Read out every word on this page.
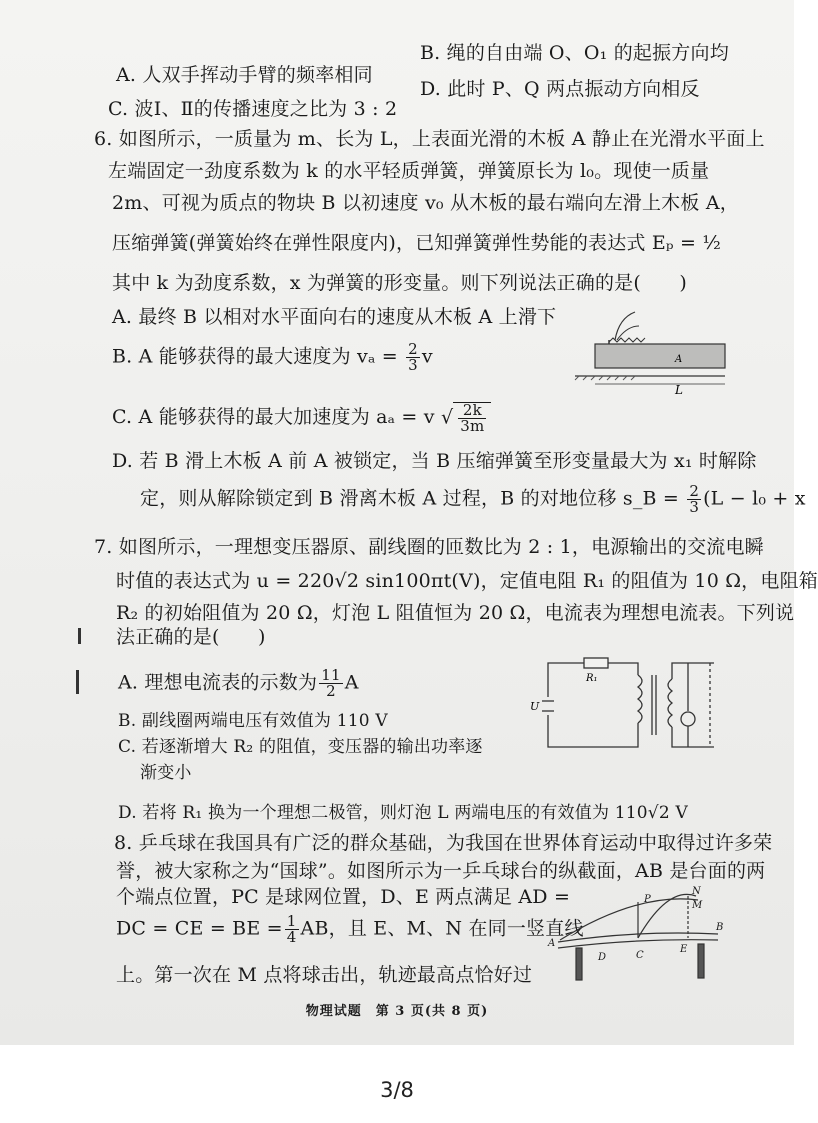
A. 人双手挥动手臂的频率相同
B. 绳的自由端 O、O₁ 的起振方向均
C. 波Ⅰ、Ⅱ的传播速度之比为 3 : 2
D. 此时 P、Q 两点振动方向相反
6. 如图所示，一质量为 m、长为 L，上表面光滑的木板 A 静止在光滑水平面上
左端固定一劲度系数为 k 的水平轻质弹簧，弹簧原长为 l₀。现使一质量
2m、可视为质点的物块 B 以初速度 v₀ 从木板的最右端向左滑上木板 A，
压缩弹簧(弹簧始终在弹性限度内)，已知弹簧弹性势能的表达式 Eₚ = ½
其中 k 为劲度系数，x 为弹簧的形变量。则下列说法正确的是(　　)
A. 最终 B 以相对水平面向右的速度从木板 A 上滑下
B. A 能够获得的最大速度为 $v_a = \frac{2}{3}$ v
C. A 能够获得的最大加速度为 aₐ = v √ $\frac{2k}{3m}$
D. 若 B 滑上木板 A 前 A 被锁定，当 B 压缩弹簧至形变量最大为 x₁ 时解除
定，则从解除锁定到 B 滑离木板 A 过程，B 的对地位移 s_B = $\frac{2}{3} (L - l_0 + x$
A
L
7. 如图所示，一理想变压器原、副线圈的匝数比为 2 : 1，电源输出的交流电瞬
时值的表达式为 u = 220√2 sin100πt(V)，定值电阻 R₁ 的阻值为 10 Ω，电阻箱
R₂ 的初始阻值为 20 Ω，灯泡 L 阻值恒为 20 Ω，电流表为理想电流表。下列说
法正确的是(　　)
A. 理想电流表的示数为 $\frac{11}{2}$ A
B. 副线圈两端电压有效值为 110 V
C. 若逐渐增大 R₂ 的阻值，变压器的输出功率逐
渐变小
D. 若将 R₁ 换为一个理想二极管，则灯泡 L 两端电压的有效值为 110√2 V
R₁
U
8. 乒乓球在我国具有广泛的群众基础，为我国在世界体育运动中取得过许多荣
誉，被大家称之为“国球”。如图所示为一乒乓球台的纵截面，AB 是台面的两
个端点位置，PC 是球网位置，D、E 两点满足 AD =
DC = CE = BE = $\frac{1}{4}$ AB，且 E、M、N 在同一竖直线
上。第一次在 M 点将球击出，轨迹最高点恰好过
A
D	C
E
P
M
N
B
物理试题　第 3 页(共 8 页)
3/8
